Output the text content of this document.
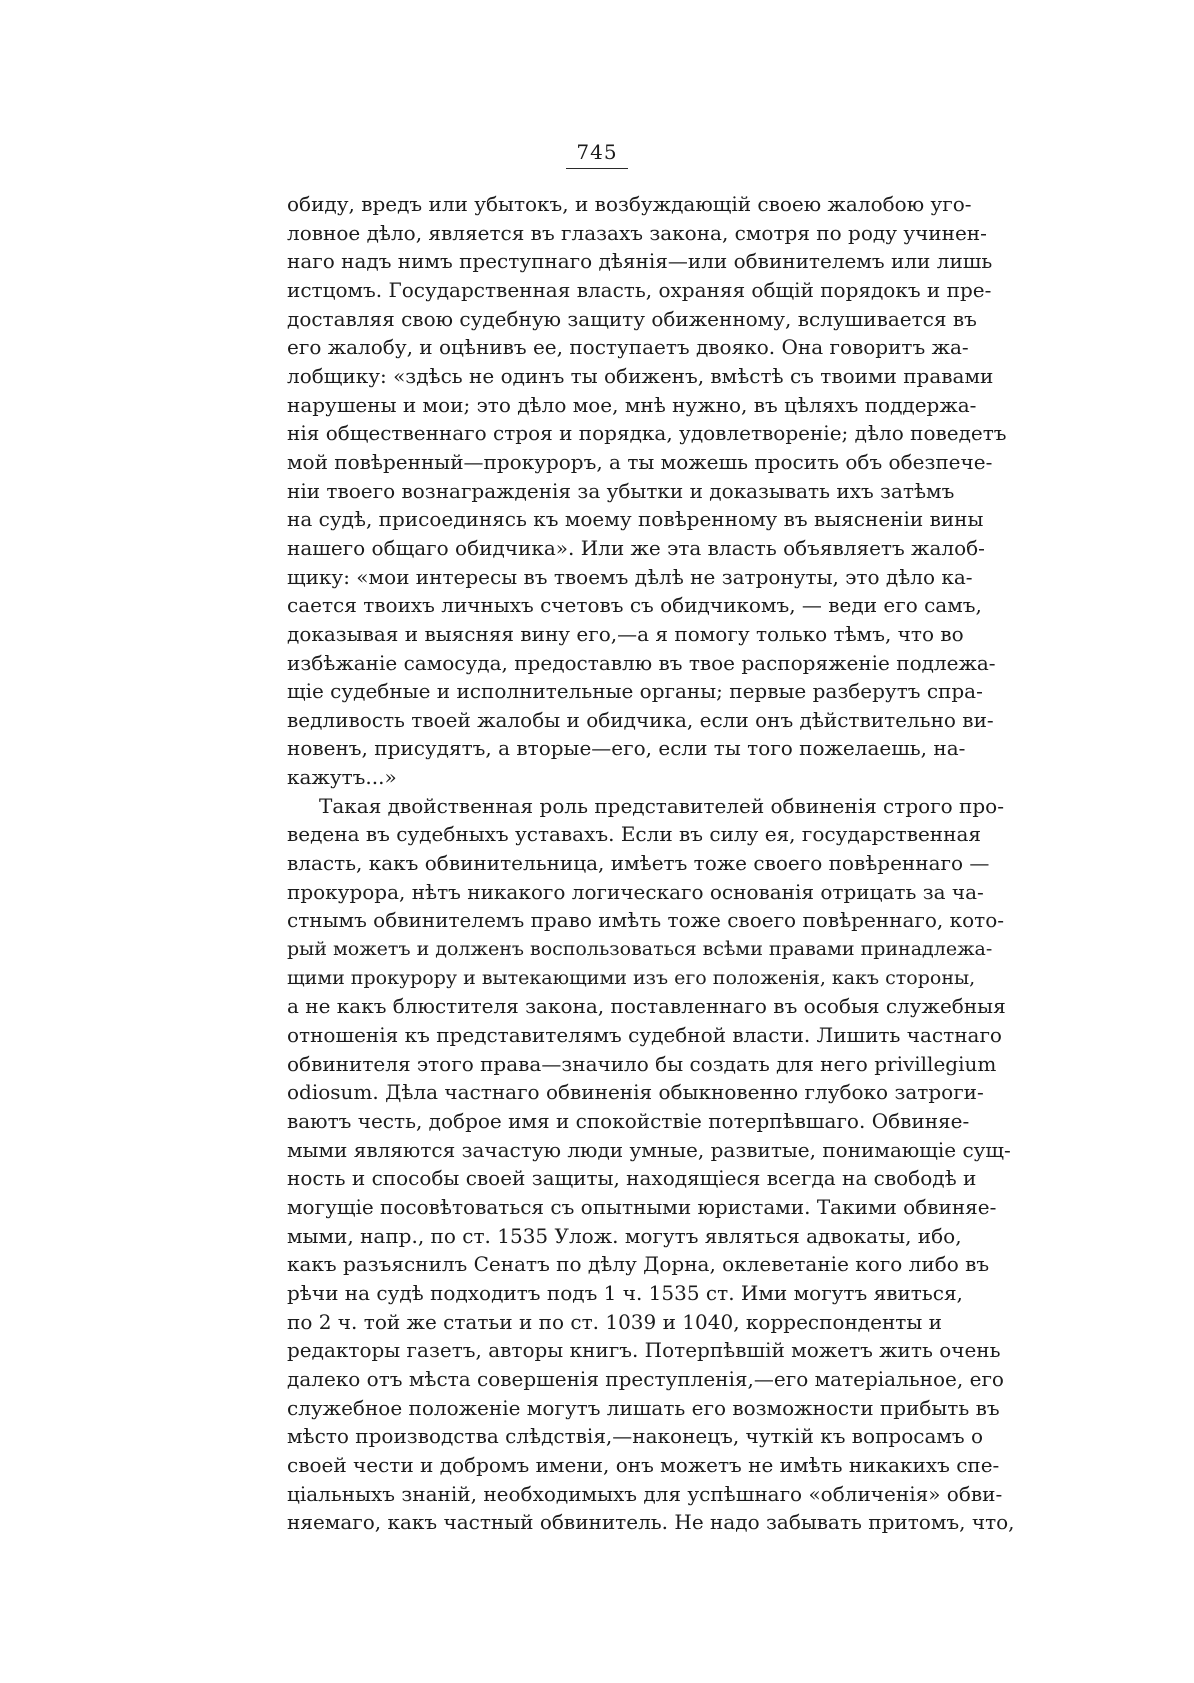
745
обиду, вредъ или убытокъ, и возбуждающій своею жалобою уго-
ловное дѣло, является въ глазахъ закона, смотря по роду учинен-
наго надъ нимъ преступнаго дѣянія—или обвинителемъ или лишь
истцомъ. Государственная власть, охраняя общій порядокъ и пре-
доставляя свою судебную защиту обиженному, вслушивается въ
его жалобу, и оцѣнивъ ее, поступаетъ двояко. Она говоритъ жа-
лобщику: «здѣсь не одинъ ты обиженъ, вмѣстѣ съ твоими правами
нарушены и мои; это дѣло мое, мнѣ нужно, въ цѣляхъ поддержа-
нія общественнаго строя и порядка, удовлетвореніе; дѣло поведетъ
мой повѣренный—прокуроръ, а ты можешь просить объ обезпече-
ніи твоего вознагражденія за убытки и доказывать ихъ затѣмъ
на судѣ, присоединясь къ моему повѣренному въ выясненіи вины
нашего общаго обидчика». Или же эта власть объявляетъ жалоб-
щику: «мои интересы въ твоемъ дѣлѣ не затронуты, это дѣло ка-
сается твоихъ личныхъ счетовъ съ обидчикомъ, — веди его самъ,
доказывая и выясняя вину его,—а я помогу только тѣмъ, что во
избѣжаніе самосуда, предоставлю въ твое распоряженіе подлежа-
щіе судебные и исполнительные органы; первые разберутъ спра-
ведливость твоей жалобы и обидчика, если онъ дѣйствительно ви-
новенъ, присудятъ, а вторые—его, если ты того пожелаешь, на-
кажутъ...»
Такая двойственная роль представителей обвиненія строго про-
ведена въ судебныхъ уставахъ. Если въ силу ея, государственная
власть, какъ обвинительница, имѣетъ тоже своего повѣреннаго —
прокурора, нѣтъ никакого логическаго основанія отрицать за ча-
стнымъ обвинителемъ право имѣть тоже своего повѣреннаго, кото-
рый можетъ и долженъ воспользоваться всѣми правами принадлежа-
щими прокурору и вытекающими изъ его положенія, какъ стороны,
а не какъ блюстителя закона, поставленнаго въ особыя служебныя
отношенія къ представителямъ судебной власти. Лишить частнаго
обвинителя этого права—значило бы создать для него privillegium
odiosum. Дѣла частнаго обвиненія обыкновенно глубоко затроги-
ваютъ честь, доброе имя и спокойствіе потерпѣвшаго. Обвиняе-
мыми являются зачастую люди умные, развитые, понимающіе сущ-
ность и способы своей защиты, находящіеся всегда на свободѣ и
могущіе посовѣтоваться съ опытными юристами. Такими обвиняе-
мыми, напр., по ст. 1535 Улож. могутъ являться адвокаты, ибо,
какъ разъяснилъ Сенатъ по дѣлу Дорна, оклеветаніе кого либо въ
рѣчи на судѣ подходитъ подъ 1 ч. 1535 ст. Ими могутъ явиться,
по 2 ч. той же статьи и по ст. 1039 и 1040, корреспонденты и
редакторы газетъ, авторы книгъ. Потерпѣвшій можетъ жить очень
далеко отъ мѣста совершенія преступленія,—его матеріальное, его
служебное положеніе могутъ лишать его возможности прибыть въ
мѣсто производства слѣдствія,—наконецъ, чуткій къ вопросамъ о
своей чести и добромъ имени, онъ можетъ не имѣть никакихъ спе-
ціальныхъ знаній, необходимыхъ для успѣшнаго «обличенія» обви-
няемаго, какъ частный обвинитель. Не надо забывать притомъ, что,
